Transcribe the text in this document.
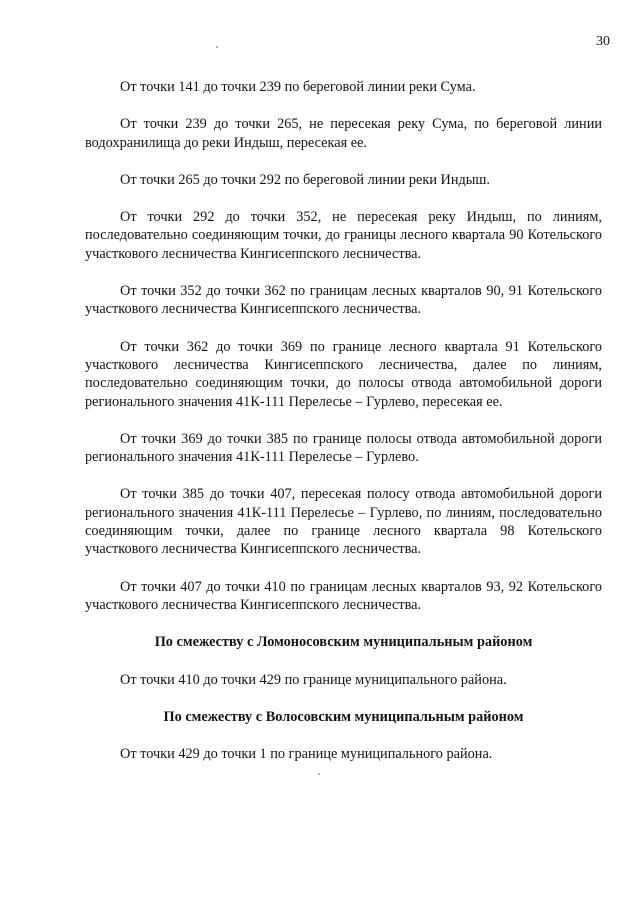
30

От точки 141 до точки 239 по береговой линии реки Сума.

От точки 239 до точки 265, не пересекая реку Сума, по береговой линии водохранилища до реки Индыш, пересекая ее.

От точки 265 до точки 292 по береговой линии реки Индыш.

От точки 292 до точки 352, не пересекая реку Индыш, по линиям, последовательно соединяющим точки, до границы лесного квартала 90 Котельского участкового лесничества Кингисеппского лесничества.

От точки 352 до точки 362 по границам лесных кварталов 90, 91 Котельского участкового лесничества Кингисеппского лесничества.

От точки 362 до точки 369 по границе лесного квартала 91 Котельского участкового лесничества Кингисеппского лесничества, далее по линиям, последовательно соединяющим точки, до полосы отвода автомобильной дороги регионального значения 41К-111 Перелесье – Гурлево, пересекая ее.

От точки 369 до точки 385 по границе полосы отвода автомобильной дороги регионального значения 41К-111 Перелесье – Гурлево.

От точки 385 до точки 407, пересекая полосу отвода автомобильной дороги регионального значения 41К-111 Перелесье – Гурлево, по линиям, последовательно соединяющим точки, далее по границе лесного квартала 98 Котельского участкового лесничества Кингисеппского лесничества.

От точки 407 до точки 410 по границам лесных кварталов 93, 92 Котельского участкового лесничества Кингисеппского лесничества.

По смежеству с Ломоносовским муниципальным районом

От точки 410 до точки 429 по границе муниципального района.

По смежеству с Волосовским муниципальным районом

От точки 429 до точки 1 по границе муниципального района.
